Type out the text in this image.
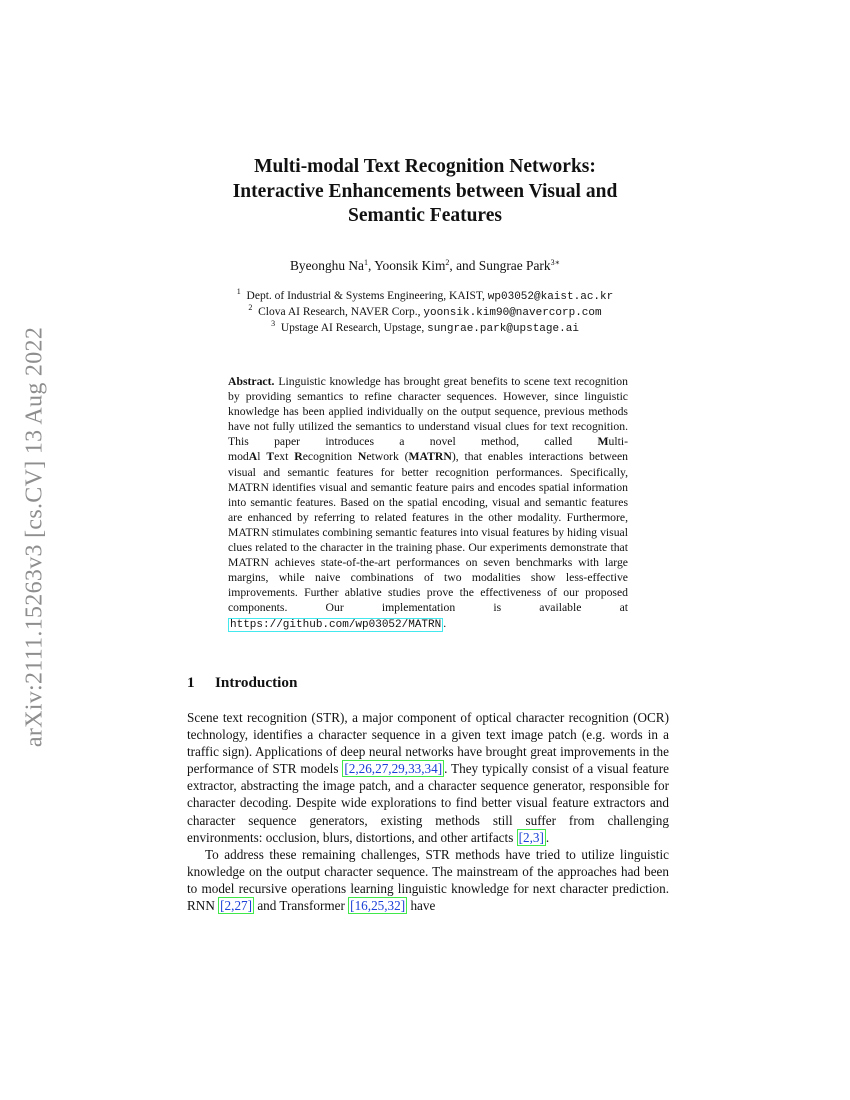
arXiv:2111.15263v3 [cs.CV] 13 Aug 2022
Multi-modal Text Recognition Networks:
Interactive Enhancements between Visual and
Semantic Features
Byeonghu Na$^1$, Yoonsik Kim$^2$, and Sungrae Park$^{3∗}$
$^1$ Dept. of Industrial & Systems Engineering, KAIST, wp03052@kaist.ac.kr
$^2$ Clova AI Research, NAVER Corp., yoonsik.kim90@navercorp.com
$^3$ Upstage AI Research, Upstage, sungrae.park@upstage.ai
Abstract. Linguistic knowledge has brought great benefits to scene text recognition by providing semantics to refine character sequences. However, since linguistic knowledge has been applied individually on the output sequence, previous methods have not fully utilized the semantics to understand visual clues for text recognition. This paper introduces a novel method, called Multi-modAl Text Recognition Network (MATRN), that enables interactions between visual and semantic features for better recognition performances. Specifically, MATRN identifies visual and semantic feature pairs and encodes spatial information into semantic features. Based on the spatial encoding, visual and semantic features are enhanced by referring to related features in the other modality. Furthermore, MATRN stimulates combining semantic features into visual features by hiding visual clues related to the character in the training phase. Our experiments demonstrate that MATRN achieves state-of-the-art performances on seven benchmarks with large margins, while naive combinations of two modalities show less-effective improvements. Further ablative studies prove the effectiveness of our proposed components. Our implementation is available at https://github.com/wp03052/MATRN .
1 Introduction

Scene text recognition (STR), a major component of optical character recognition (OCR) technology, identifies a character sequence in a given text image patch (e.g. words in a traffic sign). Applications of deep neural networks have brought great improvements in the performance of STR models [2,26,27,29,33,34] . They typically consist of a visual feature extractor, abstracting the image patch, and a character sequence generator, responsible for character decoding. Despite wide explorations to find better visual feature extractors and character sequence generators, existing methods still suffer from challenging environments: occlusion, blurs, distortions, and other artifacts [2,3] .

To address these remaining challenges, STR methods have tried to utilize linguistic knowledge on the output character sequence. The mainstream of the approaches had been to model recursive operations learning linguistic knowledge for next character prediction. RNN [2,27] and Transformer [16,25,32] have
